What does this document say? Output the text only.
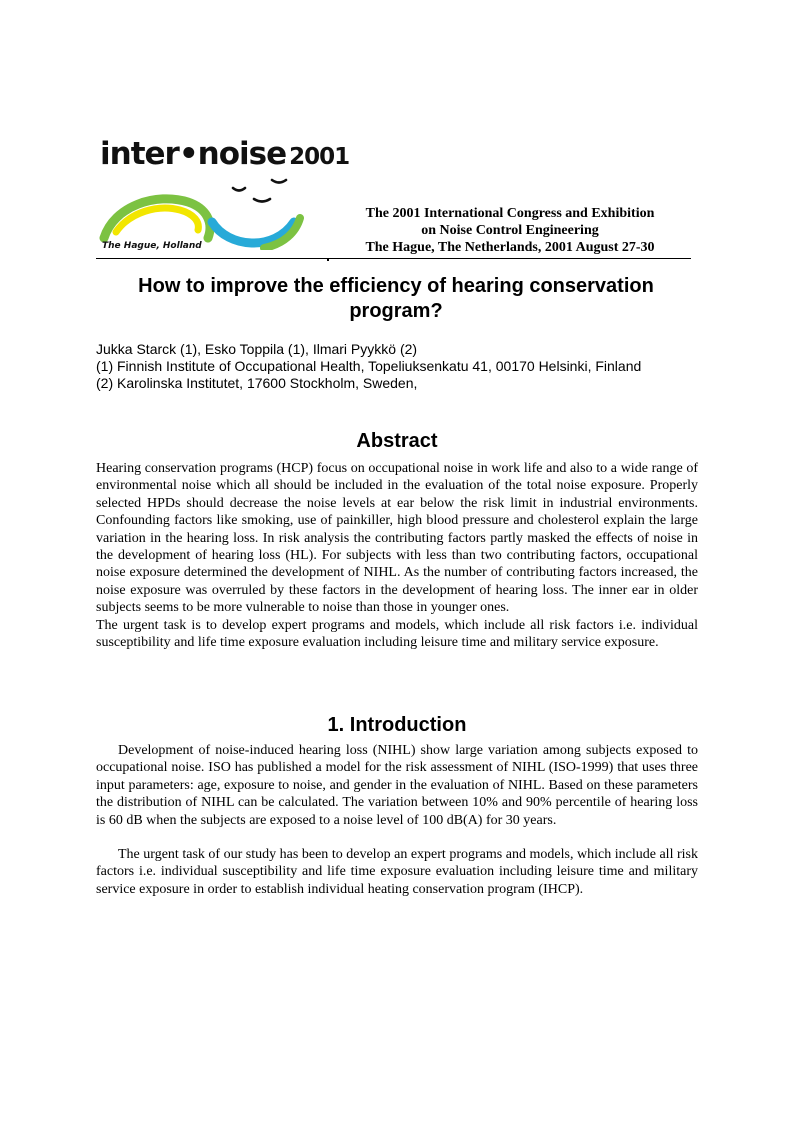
inter•noise 2001
The Hague, Holland
The 2001 International Congress and Exhibition
on Noise Control Engineering
The Hague, The Netherlands, 2001 August 27-30
How to improve the efficiency of hearing conservation program?
Jukka Starck (1), Esko Toppila (1), Ilmari Pyykkö (2)
(1) Finnish Institute of Occupational Health, Topeliuksenkatu 41, 00170 Helsinki, Finland
(2) Karolinska Institutet, 17600 Stockholm, Sweden,
Abstract

Hearing conservation programs (HCP) focus on occupational noise in work life and also to a wide range of environmental noise which all should be included in the evaluation of the total noise exposure. Properly selected HPDs should decrease the noise levels at ear below the risk limit in industrial environments. Confounding factors like smoking, use of painkiller, high blood pressure and cholesterol explain the large variation in the hearing loss. In risk analysis the contributing factors partly masked the effects of noise in the development of hearing loss (HL). For subjects with less than two contributing factors, occupational noise exposure determined the development of NIHL. As the number of contributing factors increased, the noise exposure was overruled by these factors in the development of hearing loss. The inner ear in older subjects seems to be more vulnerable to noise than those in younger ones.

The urgent task is to develop expert programs and models, which include all risk factors i.e. individual susceptibility and life time exposure evaluation including leisure time and military service exposure.

1. Introduction

Development of noise-induced hearing loss (NIHL) show large variation among subjects exposed to occupational noise. ISO has published a model for the risk assessment of NIHL (ISO-1999) that uses three input parameters: age, exposure to noise, and gender in the evaluation of NIHL. Based on these parameters the distribution of NIHL can be calculated. The variation between 10% and 90% percentile of hearing loss is 60 dB when the subjects are exposed to a noise level of 100 dB(A) for 30 years.

The urgent task of our study has been to develop an expert programs and models, which include all risk factors i.e. individual susceptibility and life time exposure evaluation including leisure time and military service exposure in order to establish individual heating conservation program (IHCP).
